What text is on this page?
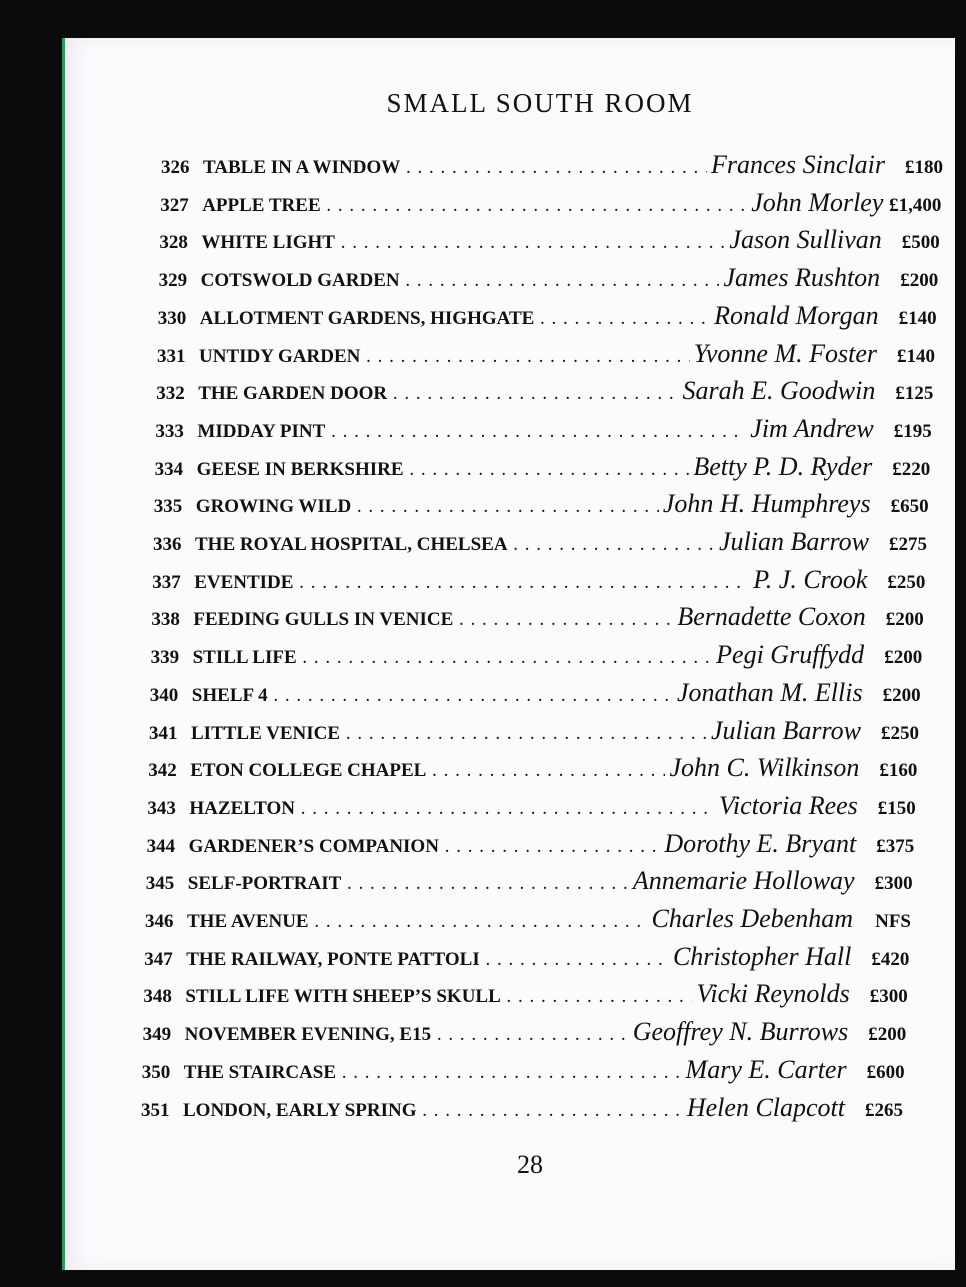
SMALL SOUTH ROOM
326 TABLE IN A WINDOW . . .	Frances Sinclair	£180
327 APPLE TREE . . .	John Morley £1,400
328 WHITE LIGHT . . .	Jason Sullivan	£500
329 COTSWOLD GARDEN . . .	James Rushton	£200
330 ALLOTMENT GARDENS, HIGHGATE . . .	Ronald Morgan	£140
331 UNTIDY GARDEN . . .	Yvonne M. Foster	£140
332 THE GARDEN DOOR . . .	Sarah E. Goodwin	£125
333 MIDDAY PINT . . .	Jim Andrew	£195
334 GEESE IN BERKSHIRE . . .	Betty P. D. Ryder	£220
335 GROWING WILD . . .	John H. Humphreys	£650
336 THE ROYAL HOSPITAL, CHELSEA . . .	Julian Barrow	£275
337 EVENTIDE . . .	P. J. Crook	£250
338 FEEDING GULLS IN VENICE . . .	Bernadette Coxon	£200
339 STILL LIFE . . .	Pegi Gruffydd	£200
340 SHELF 4 . . .	Jonathan M. Ellis	£200
341 LITTLE VENICE . . .	Julian Barrow	£250
342 ETON COLLEGE CHAPEL . . .	John C. Wilkinson	£160
343 HAZELTON . . .	Victoria Rees	£150
344 GARDENER’S COMPANION . . .	Dorothy E. Bryant	£375
345 SELF-PORTRAIT . . .	Annemarie Holloway	£300
346 THE AVENUE . . .	Charles Debenham	NFS
347 THE RAILWAY, PONTE PATTOLI . . .	Christopher Hall	£420
348 STILL LIFE WITH SHEEP’S SKULL . . .	Vicki Reynolds	£300
349 NOVEMBER EVENING, E15 . . .	Geoffrey N. Burrows	£200
350 THE STAIRCASE . . .	Mary E. Carter	£600
351 LONDON, EARLY SPRING . . .	Helen Clapcott	£265
28
